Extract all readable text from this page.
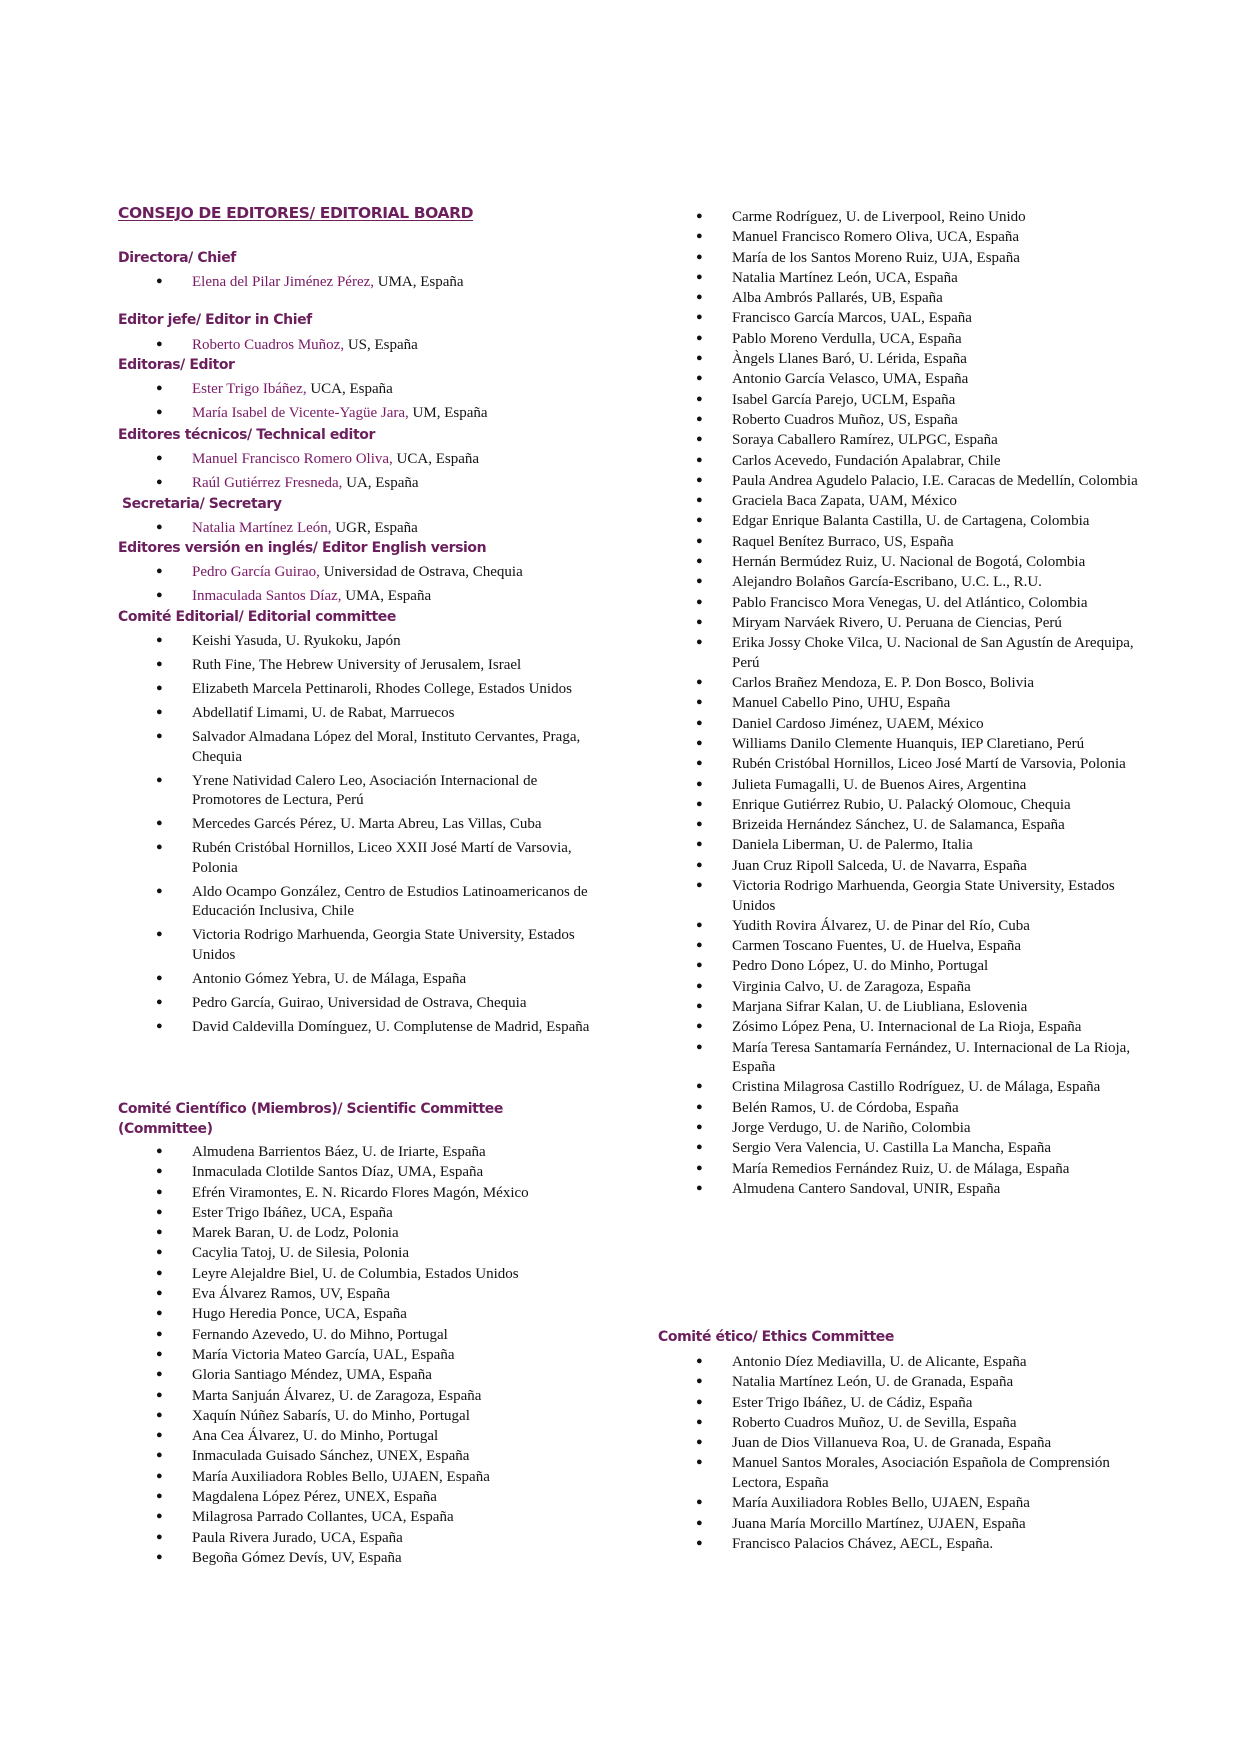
CONSEJO DE EDITORES/ EDITORIAL BOARD
Directora/ Chief
● Elena del Pilar Jiménez Pérez, UMA, España
Editor jefe/ Editor in Chief
● Roberto Cuadros Muñoz, US, España
Editoras/ Editor
● Ester Trigo Ibáñez, UCA, España
● María Isabel de Vicente-Yagüe Jara, UM, España
Editores técnicos/ Technical editor
● Manuel Francisco Romero Oliva, UCA, España
● Raúl Gutiérrez Fresneda, UA, España
Secretaria/ Secretary
● Natalia Martínez León, UGR, España
Editores versión en inglés/ Editor English version
● Pedro García Guirao, Universidad de Ostrava, Chequia
● Inmaculada Santos Díaz, UMA, España
Comité Editorial/ Editorial committee
● Keishi Yasuda, U. Ryukoku, Japón
● Ruth Fine, The Hebrew University of Jerusalem, Israel
● Elizabeth Marcela Pettinaroli, Rhodes College, Estados Unidos
● Abdellatif Limami, U. de Rabat, Marruecos
● Salvador Almadana López del Moral, Instituto Cervantes, Praga, Chequia
● Yrene Natividad Calero Leo, Asociación Internacional de Promotores de Lectura, Perú
● Mercedes Garcés Pérez, U. Marta Abreu, Las Villas, Cuba
● Rubén Cristóbal Hornillos, Liceo XXII José Martí de Varsovia, Polonia
● Aldo Ocampo González, Centro de Estudios Latinoamericanos de Educación Inclusiva, Chile
● Victoria Rodrigo Marhuenda, Georgia State University, Estados Unidos
● Antonio Gómez Yebra, U. de Málaga, España
● Pedro García, Guirao, Universidad de Ostrava, Chequia
● David Caldevilla Domínguez, U. Complutense de Madrid, España
Comité Científico (Miembros)/ Scientific Committee (Committee)
● Almudena Barrientos Báez, U. de Iriarte, España
● Inmaculada Clotilde Santos Díaz, UMA, España
● Efrén Viramontes, E. N. Ricardo Flores Magón, México
● Ester Trigo Ibáñez, UCA, España
● Marek Baran, U. de Lodz, Polonia
● Cacylia Tatoj, U. de Silesia, Polonia
● Leyre Alejaldre Biel, U. de Columbia, Estados Unidos
● Eva Álvarez Ramos, UV, España
● Hugo Heredia Ponce, UCA, España
● Fernando Azevedo, U. do Mihno, Portugal
● María Victoria Mateo García, UAL, España
● Gloria Santiago Méndez, UMA, España
● Marta Sanjuán Álvarez, U. de Zaragoza, España
● Xaquín Núñez Sabarís, U. do Minho, Portugal
● Ana Cea Álvarez, U. do Minho, Portugal
● Inmaculada Guisado Sánchez, UNEX, España
● María Auxiliadora Robles Bello, UJAEN, España
● Magdalena López Pérez, UNEX, España
● Milagrosa Parrado Collantes, UCA, España
● Paula Rivera Jurado, UCA, España
● Begoña Gómez Devís, UV, España
● Carme Rodríguez, U. de Liverpool, Reino Unido
● Manuel Francisco Romero Oliva, UCA, España
● María de los Santos Moreno Ruiz, UJA, España
● Natalia Martínez León, UCA, España
● Alba Ambrós Pallarés, UB, España
● Francisco García Marcos, UAL, España
● Pablo Moreno Verdulla, UCA, España
● Àngels Llanes Baró, U. Lérida, España
● Antonio García Velasco, UMA, España
● Isabel García Parejo, UCLM, España
● Roberto Cuadros Muñoz, US, España
● Soraya Caballero Ramírez, ULPGC, España
● Carlos Acevedo, Fundación Apalabrar, Chile
● Paula Andrea Agudelo Palacio, I.E. Caracas de Medellín, Colombia
● Graciela Baca Zapata, UAM, México
● Edgar Enrique Balanta Castilla, U. de Cartagena, Colombia
● Raquel Benítez Burraco, US, España
● Hernán Bermúdez Ruiz, U. Nacional de Bogotá, Colombia
● Alejandro Bolaños García-Escribano, U.C. L., R.U.
● Pablo Francisco Mora Venegas, U. del Atlántico, Colombia
● Miryam Narváek Rivero, U. Peruana de Ciencias, Perú
● Erika Jossy Choke Vilca, U. Nacional de San Agustín de Arequipa, Perú
● Carlos Brañez Mendoza, E. P. Don Bosco, Bolivia
● Manuel Cabello Pino, UHU, España
● Daniel Cardoso Jiménez, UAEM, México
● Williams Danilo Clemente Huanquis, IEP Claretiano, Perú
● Rubén Cristóbal Hornillos, Liceo José Martí de Varsovia, Polonia
● Julieta Fumagalli, U. de Buenos Aires, Argentina
● Enrique Gutiérrez Rubio, U. Palacký Olomouc, Chequia
● Brizeida Hernández Sánchez, U. de Salamanca, España
● Daniela Liberman, U. de Palermo, Italia
● Juan Cruz Ripoll Salceda, U. de Navarra, España
● Victoria Rodrigo Marhuenda, Georgia State University, Estados Unidos
● Yudith Rovira Álvarez, U. de Pinar del Río, Cuba
● Carmen Toscano Fuentes, U. de Huelva, España
● Pedro Dono López, U. do Minho, Portugal
● Virginia Calvo, U. de Zaragoza, España
● Marjana Sifrar Kalan, U. de Liubliana, Eslovenia
● Zósimo López Pena, U. Internacional de La Rioja, España
● María Teresa Santamaría Fernández, U. Internacional de La Rioja, España
● Cristina Milagrosa Castillo Rodríguez, U. de Málaga, España
● Belén Ramos, U. de Córdoba, España
● Jorge Verdugo, U. de Nariño, Colombia
● Sergio Vera Valencia, U. Castilla La Mancha, España
● María Remedios Fernández Ruiz, U. de Málaga, España
● Almudena Cantero Sandoval, UNIR, España
Comité ético/ Ethics Committee
● Antonio Díez Mediavilla, U. de Alicante, España
● Natalia Martínez León, U. de Granada, España
● Ester Trigo Ibáñez, U. de Cádiz, España
● Roberto Cuadros Muñoz, U. de Sevilla, España
● Juan de Dios Villanueva Roa, U. de Granada, España
● Manuel Santos Morales, Asociación Española de Comprensión Lectora, España
● María Auxiliadora Robles Bello, UJAEN, España
● Juana María Morcillo Martínez, UJAEN, España
● Francisco Palacios Chávez, AECL, España.
